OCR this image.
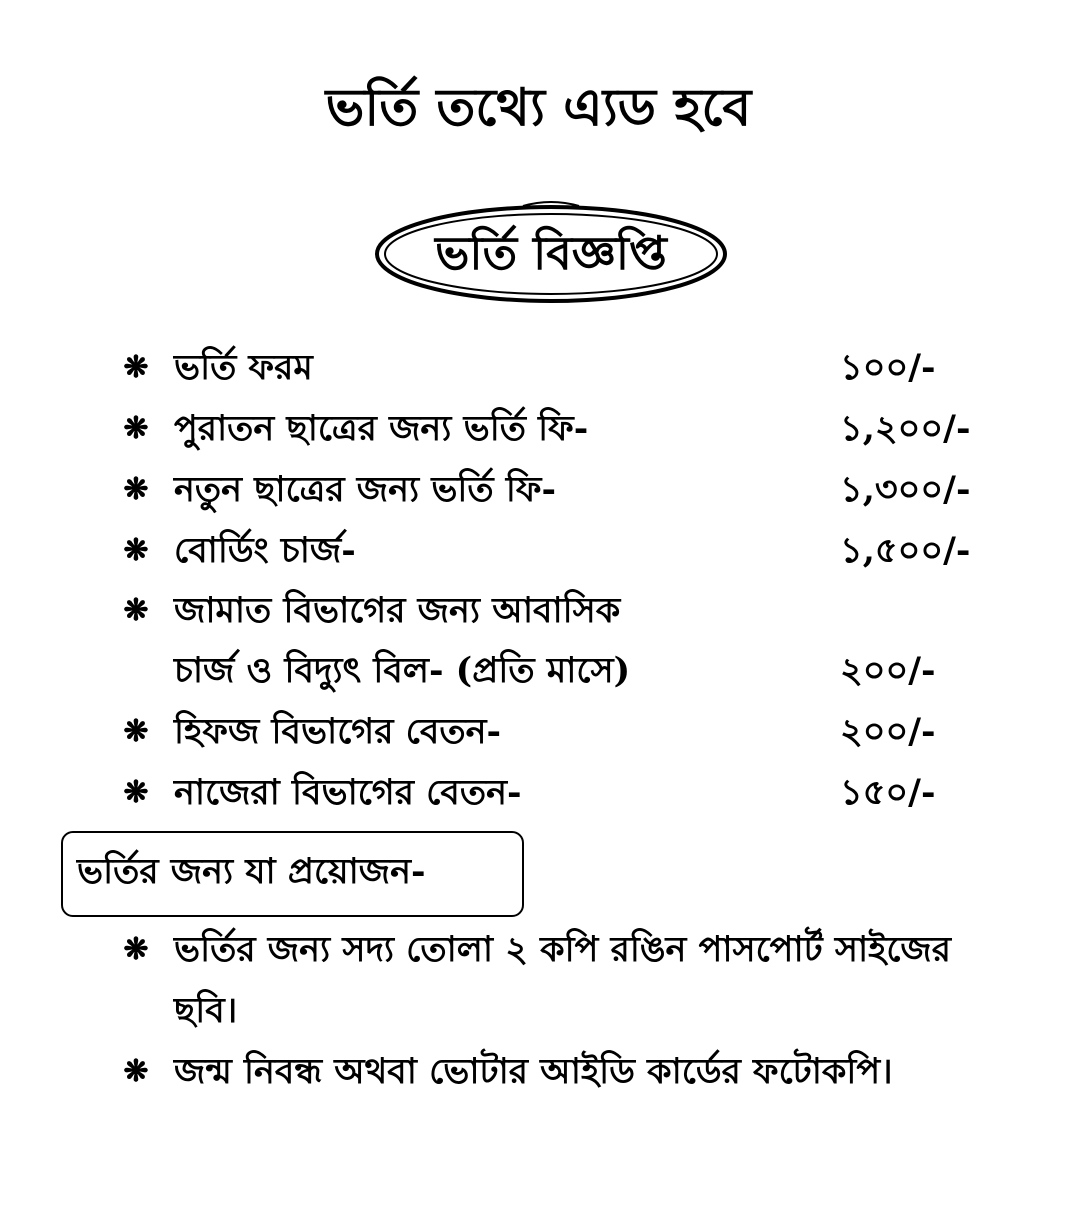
ভর্তি তথ্যে এ্যড হবে
ভর্তি বিজ্ঞপ্তি
❋ ভর্তি ফরম	১০০/-
❋ পুরাতন ছাত্রের জন্য ভর্তি ফি-	১,২০০/-
❋ নতুন ছাত্রের জন্য ভর্তি ফি-	১,৩০০/-
❋ বোর্ডিং চার্জ-	১,৫০০/-
❋ জামাত বিভাগের জন্য আবাসিক
চার্জ ও বিদ্যুৎ বিল- (প্রতি মাসে)	২০০/-
❋ হিফজ বিভাগের বেতন-	২০০/-
❋ নাজেরা বিভাগের বেতন-	১৫০/-
ভর্তির জন্য যা প্রয়োজন-
❋ ভর্তির জন্য সদ্য তোলা ২ কপি রঙিন পাসপোর্ট সাইজের
ছবি।
❋ জন্ম নিবন্ধ অথবা ভোটার আইডি কার্ডের ফটোকপি।
